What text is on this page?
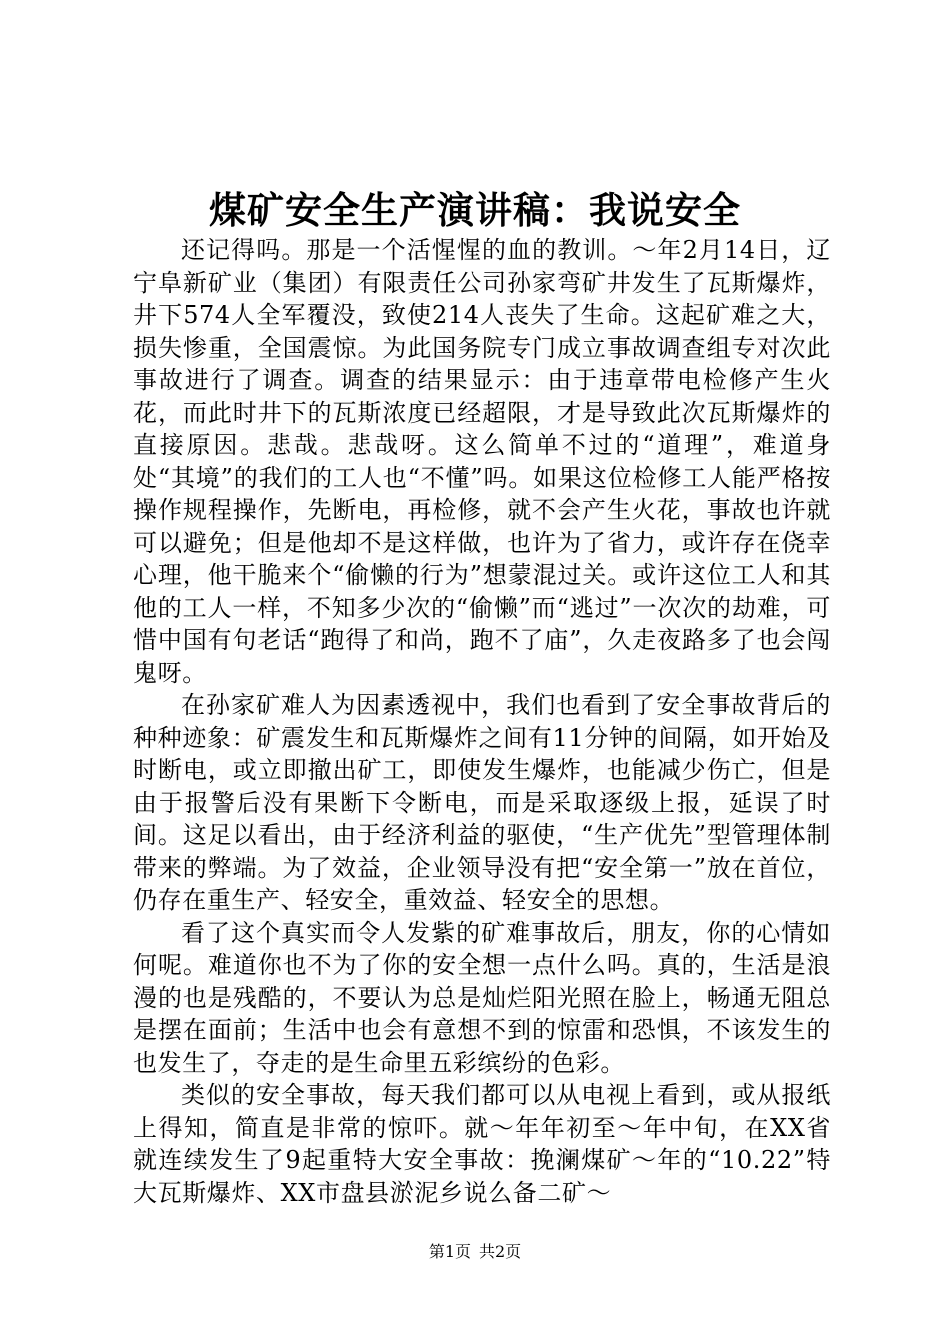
煤矿安全生产演讲稿：我说安全

还记得吗。那是一个活惺惺的血的教训。～年2月14日，辽宁阜新矿业（集团）有限责任公司孙家弯矿井发生了瓦斯爆炸，井下574人全军覆没，致使214人丧失了生命。这起矿难之大，损失惨重，全国震惊。为此国务院专门成立事故调查组专对次此事故进行了调查。调查的结果显示：由于违章带电检修产生火花，而此时井下的瓦斯浓度已经超限，才是导致此次瓦斯爆炸的直接原因。悲哉。悲哉呀。这么简单不过的“道理”，难道身处“其境”的我们的工人也“不懂”吗。如果这位检修工人能严格按操作规程操作，先断电，再检修，就不会产生火花，事故也许就可以避免；但是他却不是这样做，也许为了省力，或许存在侥幸心理，他干脆来个“偷懒的行为”想蒙混过关。或许这位工人和其他的工人一样，不知多少次的“偷懒”而“逃过”一次次的劫难，可惜中国有句老话“跑得了和尚，跑不了庙”，久走夜路多了也会闯鬼呀。

在孙家矿难人为因素透视中，我们也看到了安全事故背后的种种迹象：矿震发生和瓦斯爆炸之间有11分钟的间隔，如开始及时断电，或立即撤出矿工，即使发生爆炸，也能减少伤亡，但是由于报警后没有果断下令断电，而是采取逐级上报，延误了时间。这足以看出，由于经济利益的驱使，“生产优先”型管理体制带来的弊端。为了效益，企业领导没有把“安全第一”放在首位，仍存在重生产、轻安全，重效益、轻安全的思想。

看了这个真实而令人发紫的矿难事故后，朋友，你的心情如何呢。难道你也不为了你的安全想一点什么吗。真的，生活是浪漫的也是残酷的，不要认为总是灿烂阳光照在脸上，畅通无阻总是摆在面前；生活中也会有意想不到的惊雷和恐惧，不该发生的也发生了，夺走的是生命里五彩缤纷的色彩。

类似的安全事故，每天我们都可以从电视上看到，或从报纸上得知，简直是非常的惊吓。就～年年初至～年中旬，在XX省就连续发生了9起重特大安全事故：挽澜煤矿～年的“10.22”特大瓦斯爆炸、XX市盘县淤泥乡说么备二矿～

第1页 共2页
